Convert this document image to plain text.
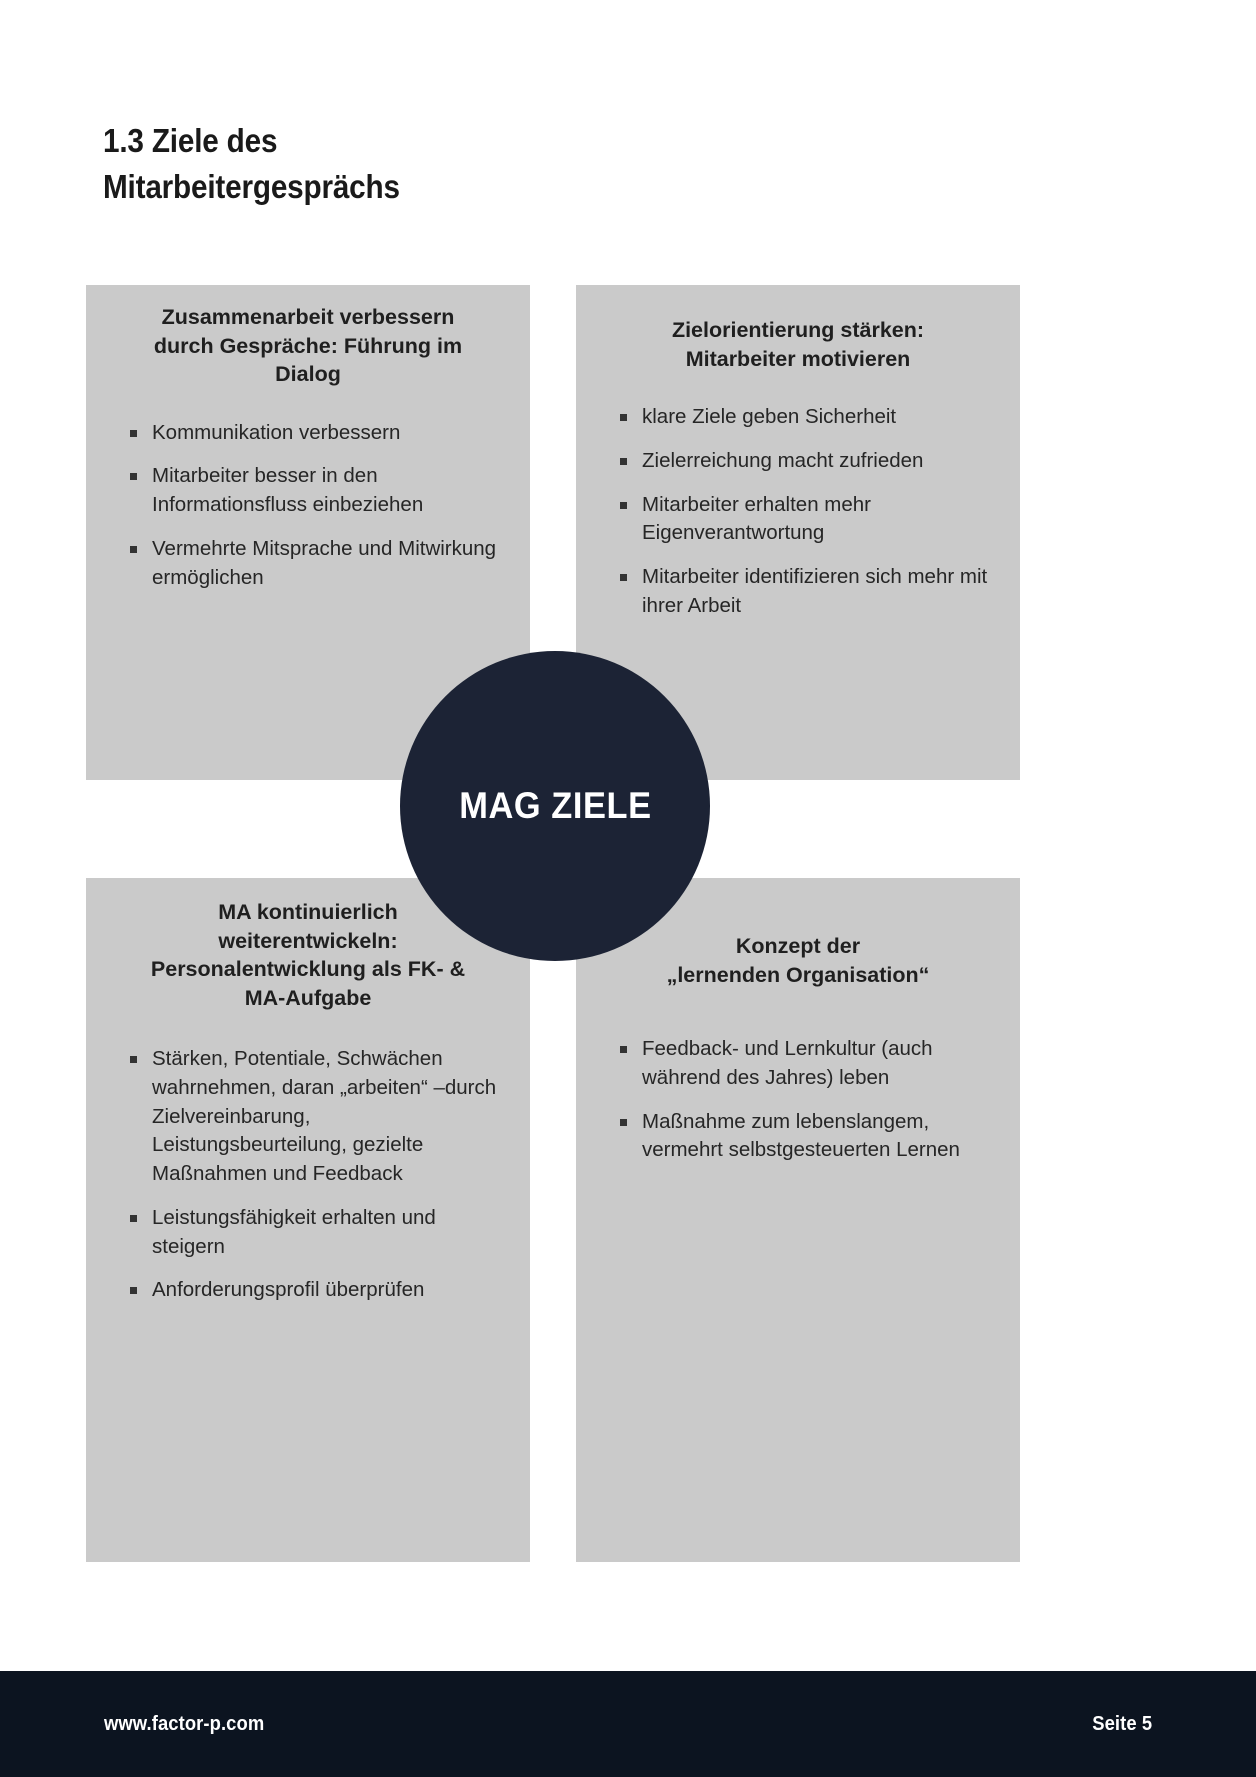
1.3 Ziele des
Mitarbeitergesprächs
Zusammenarbeit verbessern
durch Gespräche: Führung im
Dialog
Kommunikation verbessern
Mitarbeiter besser in den Informationsfluss einbeziehen
Vermehrte Mitsprache und Mitwirkung ermöglichen
Zielorientierung stärken:
Mitarbeiter motivieren
klare Ziele geben Sicherheit
Zielerreichung macht zufrieden
Mitarbeiter erhalten mehr Eigenverantwortung
Mitarbeiter identifizieren sich mehr mit ihrer Arbeit
MA kontinuierlich
weiterentwickeln:
Personalentwicklung als FK- &
MA-Aufgabe
Stärken, Potentiale, Schwächen wahrnehmen, daran „arbeiten“ –durch Zielvereinbarung, Leistungsbeurteilung, gezielte Maßnahmen und Feedback
Leistungsfähigkeit erhalten und steigern
Anforderungsprofil überprüfen
Konzept der
„lernenden Organisation“
Feedback- und Lernkultur (auch während des Jahres) leben
Maßnahme zum lebenslangem, vermehrt selbstgesteuerten Lernen
MAG ZIELE
www.factor-p.com	Seite 5
